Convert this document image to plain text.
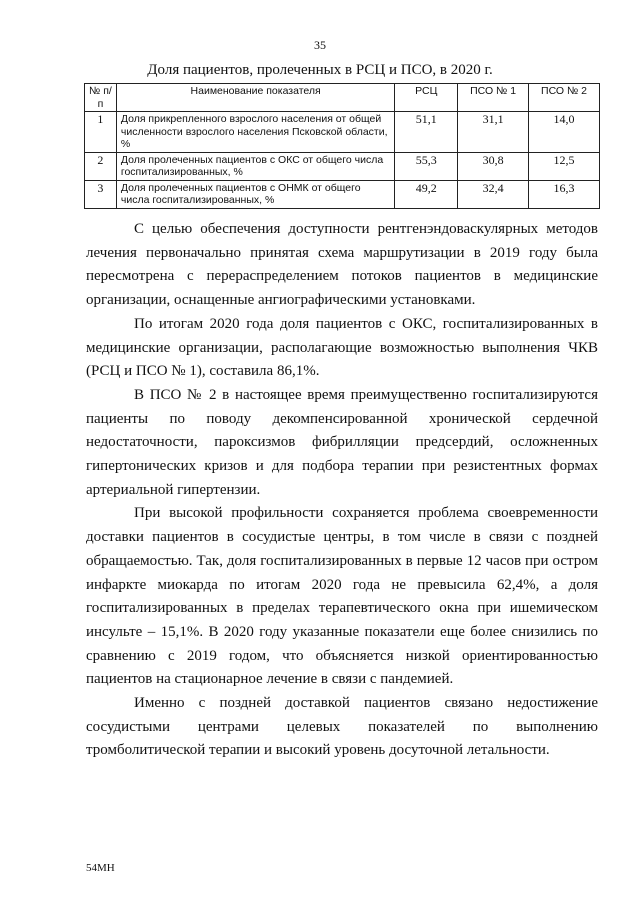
35
Доля пациентов, пролеченных в РСЦ и ПСО, в 2020 г.
№ п/п	Наименование показателя	РСЦ	ПСО № 1	ПСО № 2
1	Доля прикрепленного взрослого населения от общей численности взрослого населения Псковской области, %	51,1	31,1	14,0
2	Доля пролеченных пациентов с ОКС от общего числа госпитализированных, %	55,3	30,8	12,5
3	Доля пролеченных пациентов с ОНМК от общего числа госпитализированных, %	49,2	32,4	16,3

С целью обеспечения доступности рентгенэндоваскулярных методов лечения первоначально принятая схема маршрутизации в 2019 году была пересмотрена с перераспределением потоков пациентов в медицинские организации, оснащенные ангиографическими установками.

По итогам 2020 года доля пациентов с ОКС, госпитализированных в медицинские организации, располагающие возможностью выполнения ЧКВ (РСЦ и ПСО № 1), составила 86,1%.

В ПСО № 2 в настоящее время преимущественно госпитализируются пациенты по поводу декомпенсированной хронической сердечной недостаточности, пароксизмов фибрилляции предсердий, осложненных гипертонических кризов и для подбора терапии при резистентных формах артериальной гипертензии.

При высокой профильности сохраняется проблема своевременности доставки пациентов в сосудистые центры, в том числе в связи с поздней обращаемостью. Так, доля госпитализированных в первые 12 часов при остром инфаркте миокарда по итогам 2020 года не превысила 62,4%, а доля госпитализированных в пределах терапевтического окна при ишемическом инсульте – 15,1%. В 2020 году указанные показатели еще более снизились по сравнению с 2019 годом, что объясняется низкой ориентированностью пациентов на стационарное лечение в связи с пандемией.

Именно с поздней доставкой пациентов связано недостижение сосудистыми центрами целевых показателей по выполнению тромболитической терапии и высокий уровень досуточной летальности.

54МН
